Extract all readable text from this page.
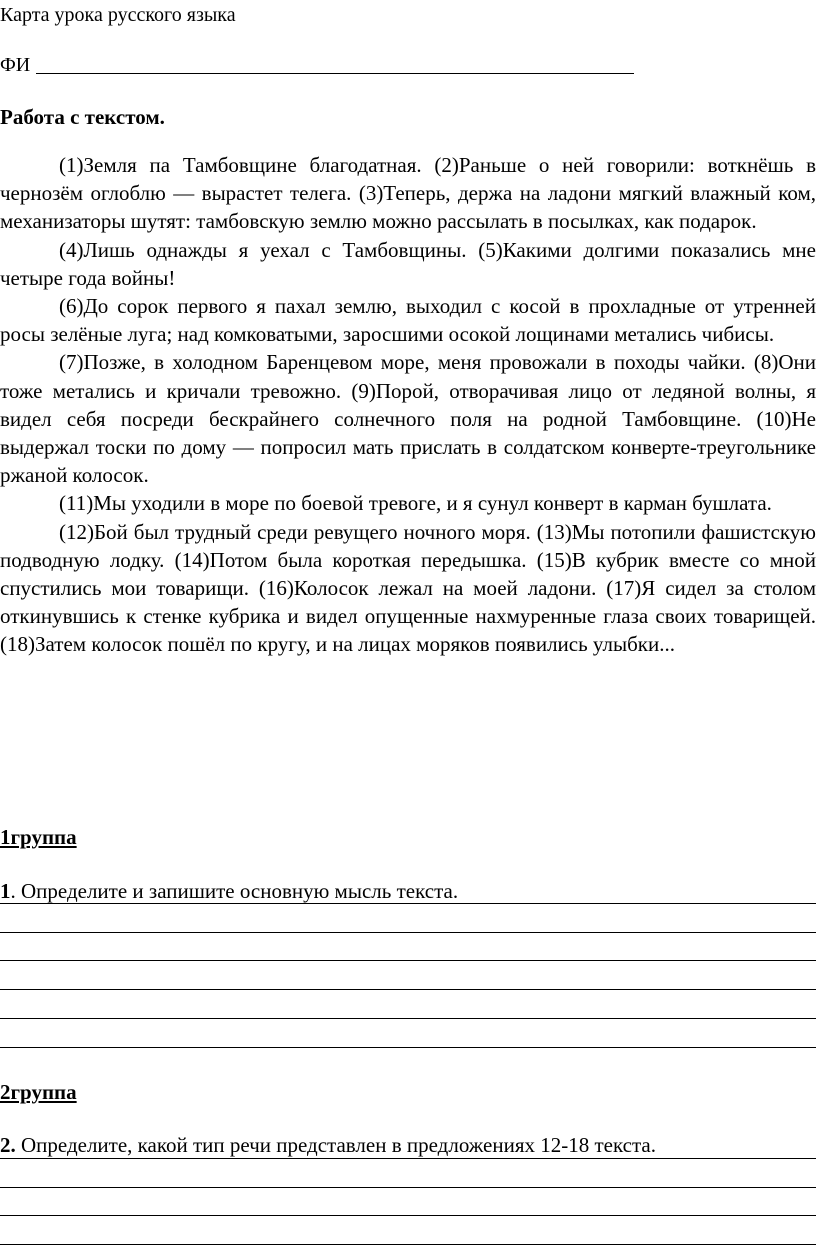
Карта урока русского языка
ФИ
Работа с текстом.

(1)Земля па Тамбовщине благодатная. (2)Раньше о ней говорили: воткнёшь в чернозём оглоблю — вырастет телега. (3)Теперь, держа на ладони мягкий влажный ком, механизаторы шутят: тамбовскую землю можно рассылать в посылках, как подарок.

(4)Лишь однажды я уехал с Тамбовщины. (5)Какими долгими показались мне четыре года войны!

(6)До сорок первого я пахал землю, выходил с косой в прохладные от утренней росы зелёные луга; над комковатыми, заросшими осокой лощинами метались чибисы.

(7)Позже, в холодном Баренцевом море, меня провожали в походы чайки. (8)Они тоже метались и кричали тревожно. (9)Порой, отворачивая лицо от ледяной волны, я видел себя посреди бескрайнего солнечного поля на родной Тамбовщине. (10)Не выдержал тоски по дому — попросил мать прислать в солдатском конверте-треугольнике ржаной колосок.

(11)Мы уходили в море по боевой тревоге, и я сунул конверт в карман бушлата.

(12)Бой был трудный среди ревущего ночного моря. (13)Мы потопили фашистскую подводную лодку. (14)Потом была короткая передышка. (15)В кубрик вместе со мной спустились мои товарищи. (16)Колосок лежал на моей ладони. (17)Я сидел за столом откинувшись к стенке кубрика и видел опущенные нахмуренные глаза своих товарищей. (18)Затем колосок пошёл по кругу, и на лицах моряков появились улыбки...

1группа
1. Определите и запишите основную мысль текста.
2группа
2. Определите, какой тип речи представлен в предложениях 12-18 текста.
